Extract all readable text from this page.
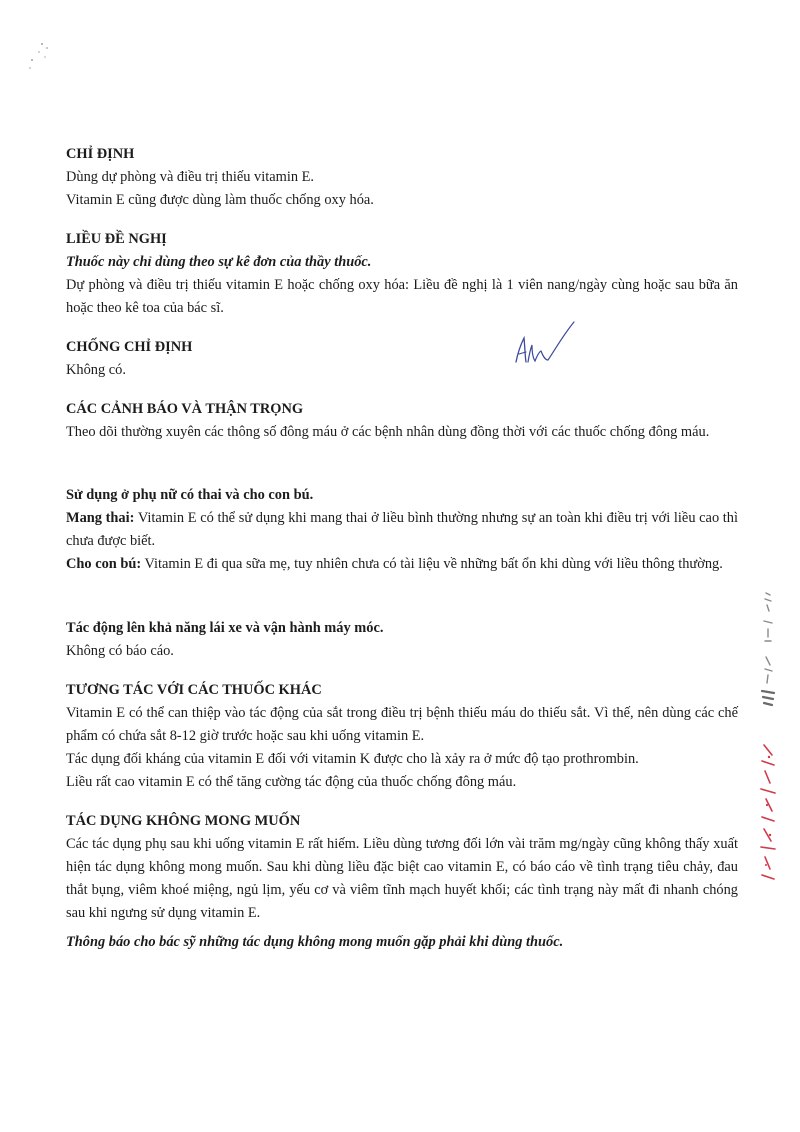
CHỈ ĐỊNH
Dùng dự phòng và điều trị thiếu vitamin E.
Vitamin E cũng được dùng làm thuốc chống oxy hóa.
LIỀU ĐỀ NGHỊ
Thuốc này chỉ dùng theo sự kê đơn của thầy thuốc.
Dự phòng và điều trị thiếu vitamin E hoặc chống oxy hóa: Liều đề nghị là 1 viên nang/ngày cùng hoặc sau bữa ăn hoặc theo kê toa của bác sĩ.
CHỐNG CHỈ ĐỊNH
Không có.
CÁC CẢNH BÁO VÀ THẬN TRỌNG
Theo dõi thường xuyên các thông số đông máu ở các bệnh nhân dùng đồng thời với các thuốc chống đông máu.
Sử dụng ở phụ nữ có thai và cho con bú.
Mang thai: Vitamin E có thể sử dụng khi mang thai ở liều bình thường nhưng sự an toàn khi điều trị với liều cao thì chưa được biết.
Cho con bú: Vitamin E đi qua sữa mẹ, tuy nhiên chưa có tài liệu về những bất ổn khi dùng với liều thông thường.
Tác động lên khả năng lái xe và vận hành máy móc.
Không có báo cáo.
TƯƠNG TÁC VỚI CÁC THUỐC KHÁC
Vitamin E có thể can thiệp vào tác động của sắt trong điều trị bệnh thiếu máu do thiếu sắt. Vì thế, nên dùng các chế phẩm có chứa sắt 8-12 giờ trước hoặc sau khi uống vitamin E.
Tác dụng đối kháng của vitamin E đối với vitamin K được cho là xảy ra ở mức độ tạo prothrombin.
Liều rất cao vitamin E có thể tăng cường tác động của thuốc chống đông máu.
TÁC DỤNG KHÔNG MONG MUỐN
Các tác dụng phụ sau khi uống vitamin E rất hiếm. Liều dùng tương đối lớn vài trăm mg/ngày cũng không thấy xuất hiện tác dụng không mong muốn. Sau khi dùng liều đặc biệt cao vitamin E, có báo cáo về tình trạng tiêu chảy, đau thắt bụng, viêm khoé miệng, ngủ lịm, yếu cơ và viêm tĩnh mạch huyết khối; các tình trạng này mất đi nhanh chóng sau khi ngưng sử dụng vitamin E.
Thông báo cho bác sỹ những tác dụng không mong muốn gặp phải khi dùng thuốc.
